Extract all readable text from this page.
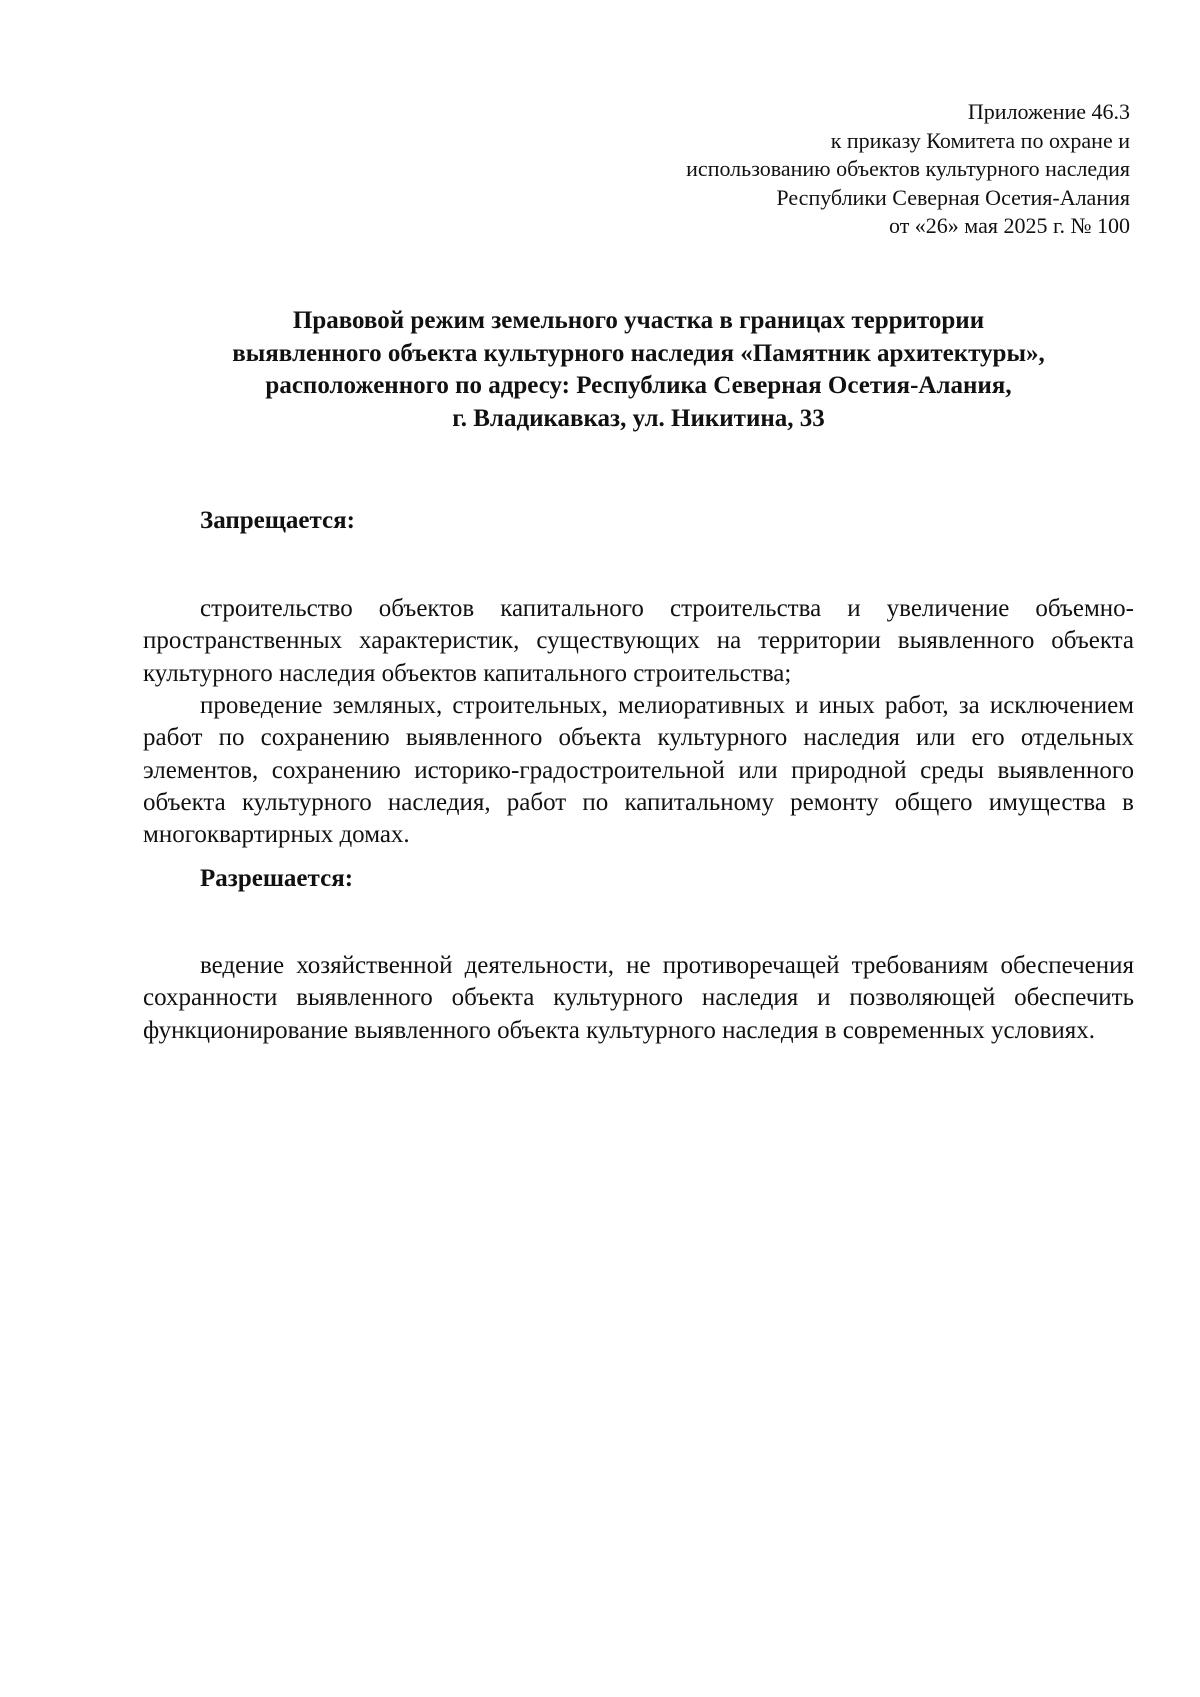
Приложение 46.3
к приказу Комитета по охране и
использованию объектов культурного наследия
Республики Северная Осетия-Алания
от «26» мая 2025 г. № 100
Правовой режим земельного участка в границах территории
выявленного объекта культурного наследия «Памятник архитектуры»,
расположенного по адресу: Республика Северная Осетия-Алания,
г. Владикавказ, ул. Никитина, 33
Запрещается:

строительство объектов капитального строительства и увеличение объемно-пространственных характеристик, существующих на территории выявленного объекта культурного наследия объектов капитального строительства;

проведение земляных, строительных, мелиоративных и иных работ, за исключением работ по сохранению выявленного объекта культурного наследия или его отдельных элементов, сохранению историко-градостроительной или природной среды выявленного объекта культурного наследия, работ по капитальному ремонту общего имущества в многоквартирных домах.

Разрешается:

ведение хозяйственной деятельности, не противоречащей требованиям обеспечения сохранности выявленного объекта культурного наследия и позволяющей обеспечить функционирование выявленного объекта культурного наследия в современных условиях.
